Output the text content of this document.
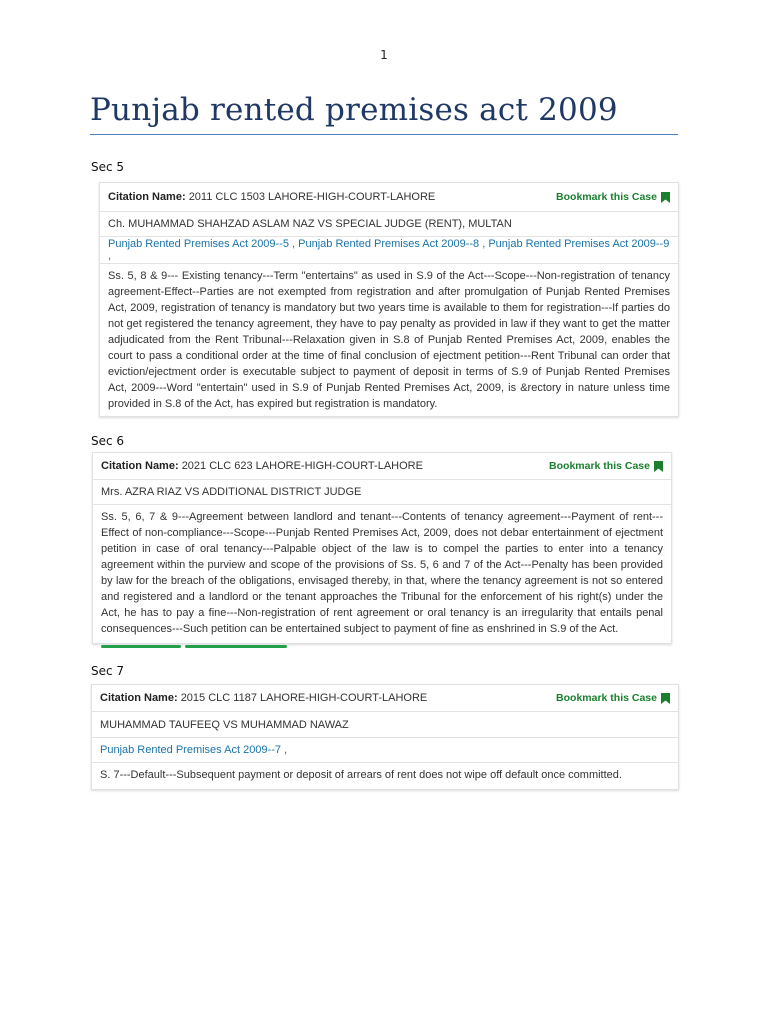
1
Punjab rented premises act 2009
Sec 5
Citation Name: 2011 CLC 1503 LAHORE-HIGH-COURT-LAHORE	Bookmark this Case
Ch. MUHAMMAD SHAHZAD ASLAM NAZ VS SPECIAL JUDGE (RENT), MULTAN
Punjab Rented Premises Act 2009--5 , Punjab Rented Premises Act 2009--8 , Punjab Rented Premises Act 2009--9 ,
Ss. 5, 8 & 9--- Existing tenancy---Term "entertains" as used in S.9 of the Act---Scope---Non-registration of tenancy agreement-Effect--Parties are not exempted from registration and after promulgation of Punjab Rented Premises Act, 2009, registration of tenancy is mandatory but two years time is available to them for registration---If parties do not get registered the tenancy agreement, they have to pay penalty as provided in law if they want to get the matter adjudicated from the Rent Tribunal---Relaxation given in S.8 of Punjab Rented Premises Act, 2009, enables the court to pass a conditional order at the time of final conclusion of ejectment petition---Rent Tribunal can order that eviction/ejectment order is executable subject to payment of deposit in terms of S.9 of Punjab Rented Premises Act, 2009---Word "entertain" used in S.9 of Punjab Rented Premises Act, 2009, is &rectory in nature unless time provided in S.8 of the Act, has expired but registration is mandatory.
Sec 6
Citation Name: 2021 CLC 623 LAHORE-HIGH-COURT-LAHORE	Bookmark this Case
Mrs. AZRA RIAZ VS ADDITIONAL DISTRICT JUDGE
Ss. 5, 6, 7 & 9---Agreement between landlord and tenant---Contents of tenancy agreement---Payment of rent---Effect of non-compliance---Scope---Punjab Rented Premises Act, 2009, does not debar entertainment of ejectment petition in case of oral tenancy---Palpable object of the law is to compel the parties to enter into a tenancy agreement within the purview and scope of the provisions of Ss. 5, 6 and 7 of the Act---Penalty has been provided by law for the breach of the obligations, envisaged thereby, in that, where the tenancy agreement is not so entered and registered and a landlord or the tenant approaches the Tribunal for the enforcement of his right(s) under the Act, he has to pay a fine---Non-registration of rent agreement or oral tenancy is an irregularity that entails penal consequences---Such petition can be entertained subject to payment of fine as enshrined in S.9 of the Act.
Sec 7
Citation Name: 2015 CLC 1187 LAHORE-HIGH-COURT-LAHORE	Bookmark this Case
MUHAMMAD TAUFEEQ VS MUHAMMAD NAWAZ
Punjab Rented Premises Act 2009--7 ,
S. 7---Default---Subsequent payment or deposit of arrears of rent does not wipe off default once committed.
